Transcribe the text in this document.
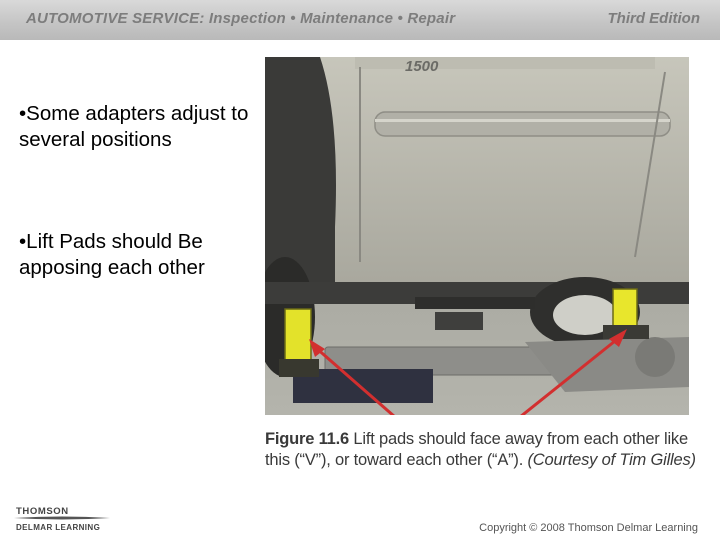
AUTOMOTIVE SERVICE: Inspection • Maintenance • Repair	Third Edition
•Some adapters adjust to several positions
•Lift Pads should Be apposing each other
1500
Figure 11.6 Lift pads should face away from each other like this (“V”), or toward each other (“A”). (Courtesy of Tim Gilles)
THOMSON
DELMAR LEARNING	Copyright © 2008 Thomson Delmar Learning
